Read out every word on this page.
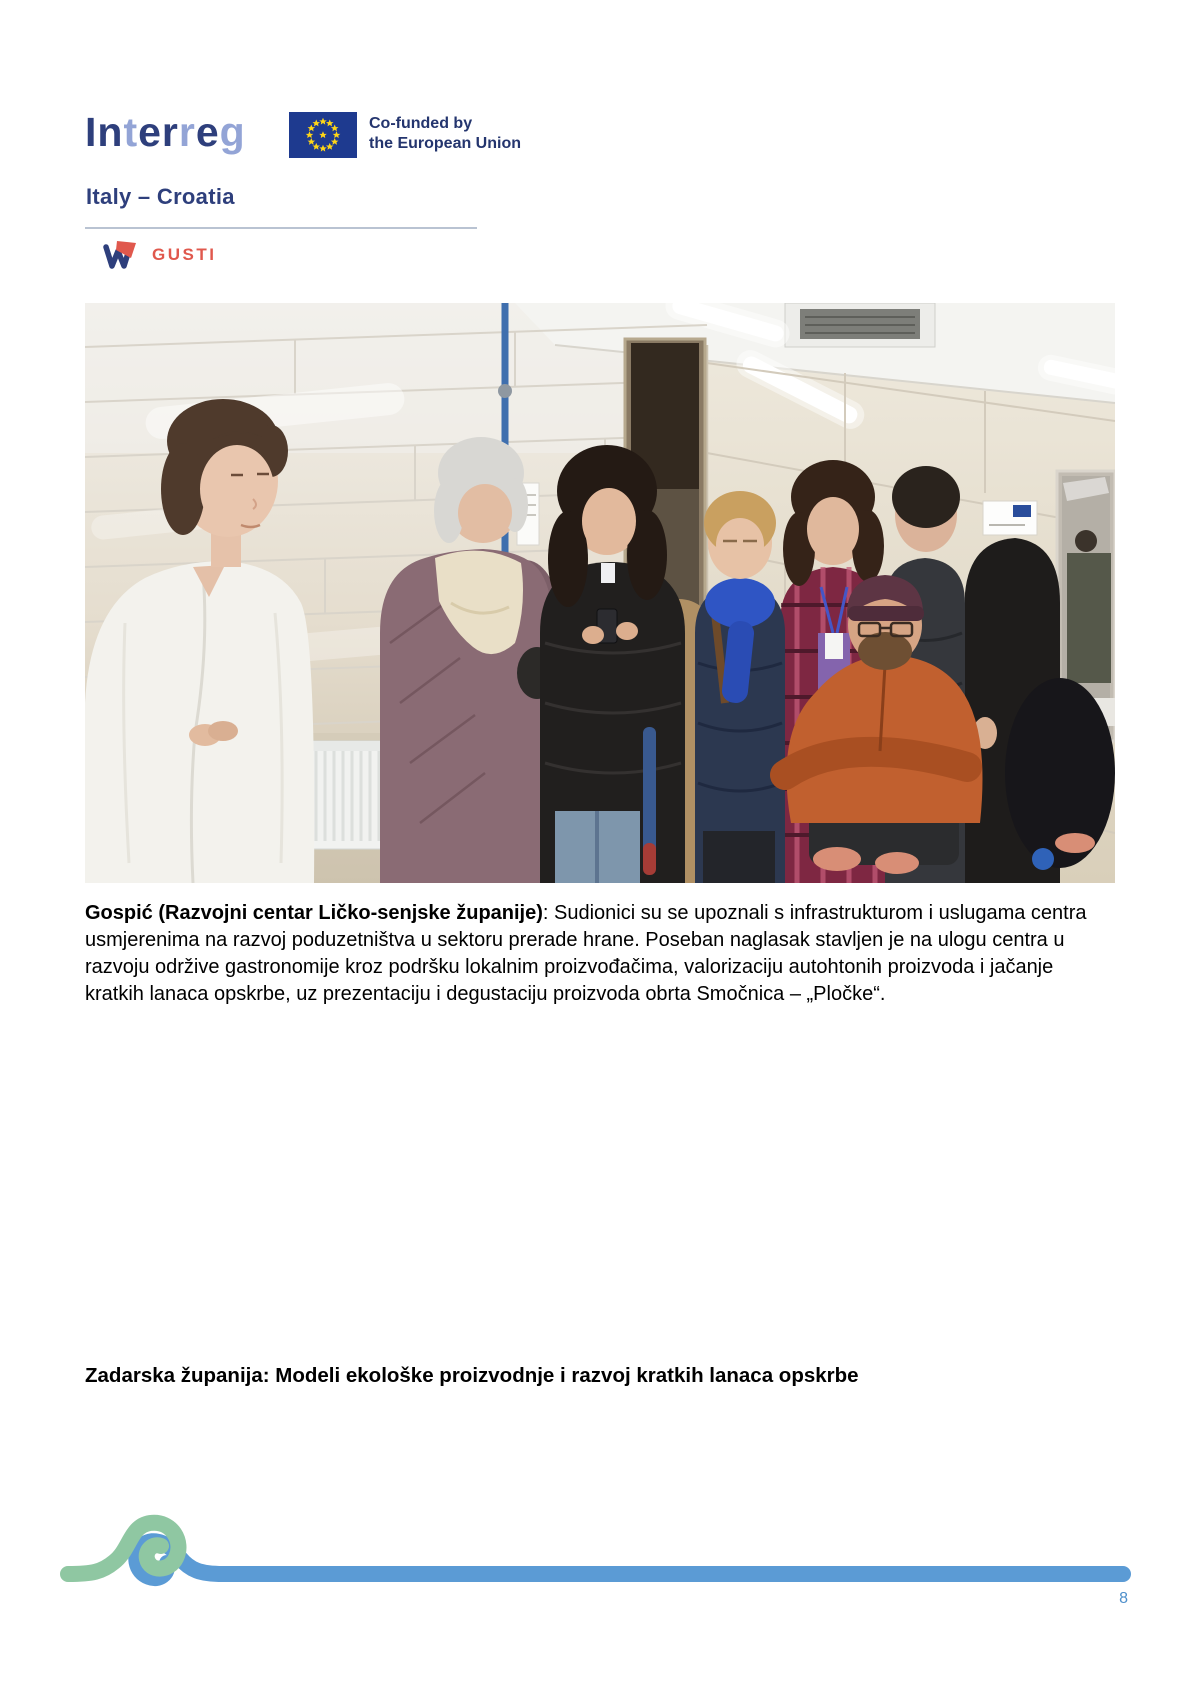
Interreg	Co-funded by
the European Union
Italy – Croatia
GUSTI

Gospić (Razvojni centar Ličko-senjske županije): Sudionici su se upoznali s infrastrukturom i uslugama centra usmjerenima na razvoj poduzetništva u sektoru prerade hrane. Poseban naglasak stavljen je na ulogu centra u razvoju održive gastronomije kroz podršku lokalnim proizvođačima, valorizaciju autohtonih proizvoda i jačanje kratkih lanaca opskrbe, uz prezentaciju i degustaciju proizvoda obrta Smočnica – „Pločke“.

Zadarska županija: Modeli ekološke proizvodnje i razvoj kratkih lanaca opskrbe

8
